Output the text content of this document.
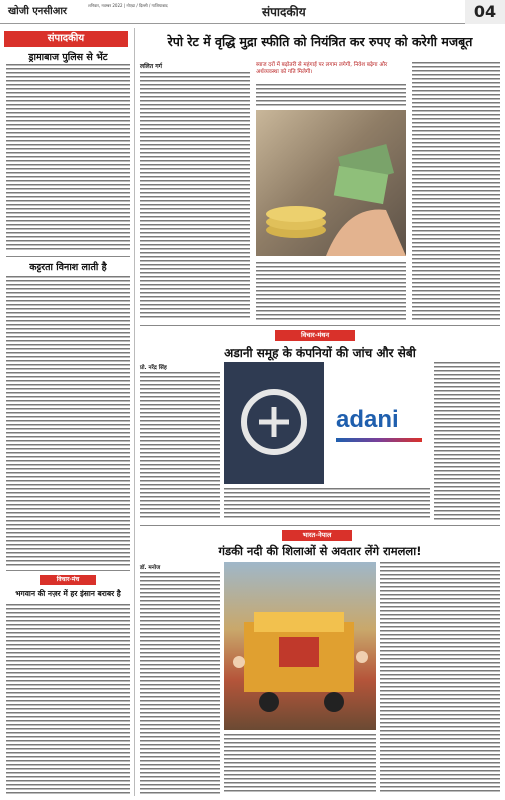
खोजी एनसीआर
शनिवार, नवम्बर 2022 | नोएडा / दिल्ली / गाजियाबाद	संपादकीय	04
संपादकीय
ड्रामाबाज पुलिस से भेंट
कट्टरता विनाश लाती है
विचार-मंच
भगवान की नज़र में हर इंसान बराबर है
रेपो रेट में वृद्धि मुद्रा स्फीति को नियंत्रित कर रुपए को करेगी मजबूत
ललित गर्ग	ब्याज दरों में बढ़ोतरी से महंगाई पर लगाम लगेगी, निवेश बढ़ेगा और अर्थव्यवस्था को गति मिलेगी।
विचार-मंथन
अडानी समूह के कंपनियों की जांच और सेबी
प्रो. नरेंद्र सिंह
adani
भारत-नेपाल
गंडकी नदी की शिलाओं से अवतार लेंगे रामलला!
डॉ. मनोज
